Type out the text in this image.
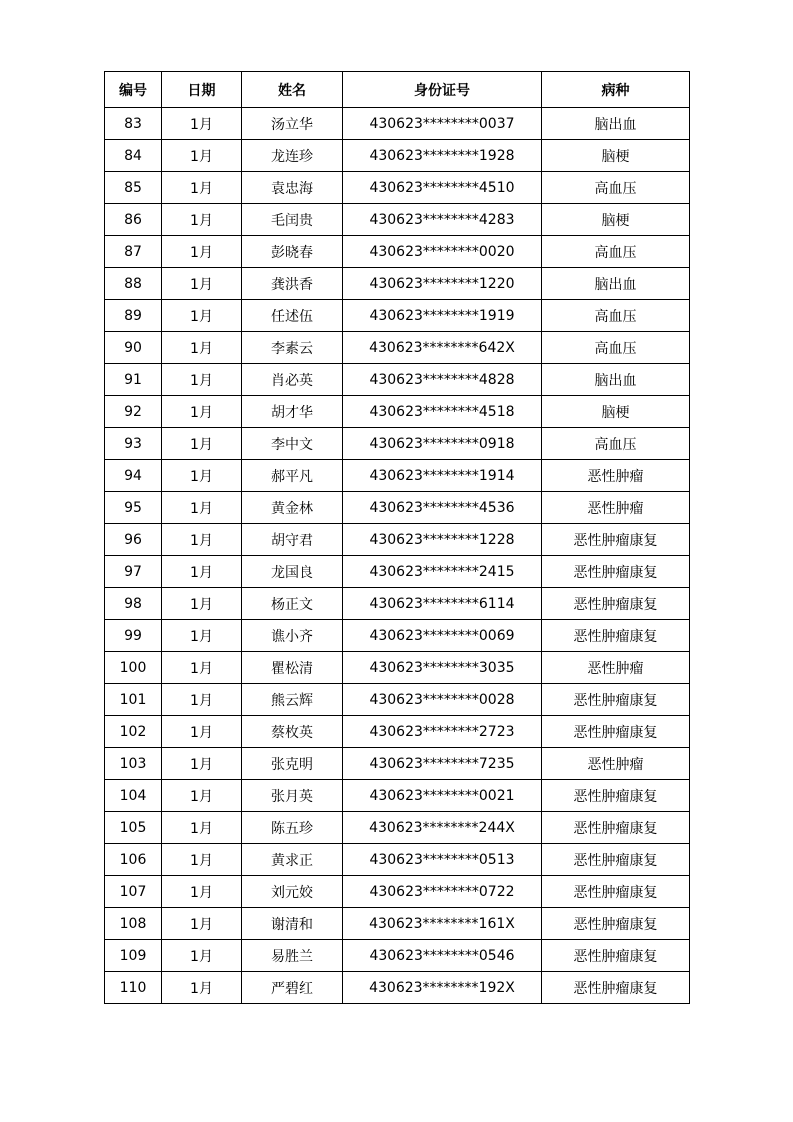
编号	日期	姓名	身份证号	病种
83	1月	汤立华	430623********0037	脑出血
84	1月	龙连珍	430623********1928	脑梗
85	1月	袁忠海	430623********4510	高血压
86	1月	毛闰贵	430623********4283	脑梗
87	1月	彭晓春	430623********0020	高血压
88	1月	龚洪香	430623********1220	脑出血
89	1月	任述伍	430623********1919	高血压
90	1月	李素云	430623********642X	高血压
91	1月	肖必英	430623********4828	脑出血
92	1月	胡才华	430623********4518	脑梗
93	1月	李中文	430623********0918	高血压
94	1月	郝平凡	430623********1914	恶性肿瘤
95	1月	黄金林	430623********4536	恶性肿瘤
96	1月	胡守君	430623********1228	恶性肿瘤康复
97	1月	龙国良	430623********2415	恶性肿瘤康复
98	1月	杨正文	430623********6114	恶性肿瘤康复
99	1月	谯小齐	430623********0069	恶性肿瘤康复
100	1月	瞿松清	430623********3035	恶性肿瘤
101	1月	熊云辉	430623********0028	恶性肿瘤康复
102	1月	蔡枚英	430623********2723	恶性肿瘤康复
103	1月	张克明	430623********7235	恶性肿瘤
104	1月	张月英	430623********0021	恶性肿瘤康复
105	1月	陈五珍	430623********244X	恶性肿瘤康复
106	1月	黄求正	430623********0513	恶性肿瘤康复
107	1月	刘元姣	430623********0722	恶性肿瘤康复
108	1月	谢清和	430623********161X	恶性肿瘤康复
109	1月	易胜兰	430623********0546	恶性肿瘤康复
110	1月	严碧红	430623********192X	恶性肿瘤康复
